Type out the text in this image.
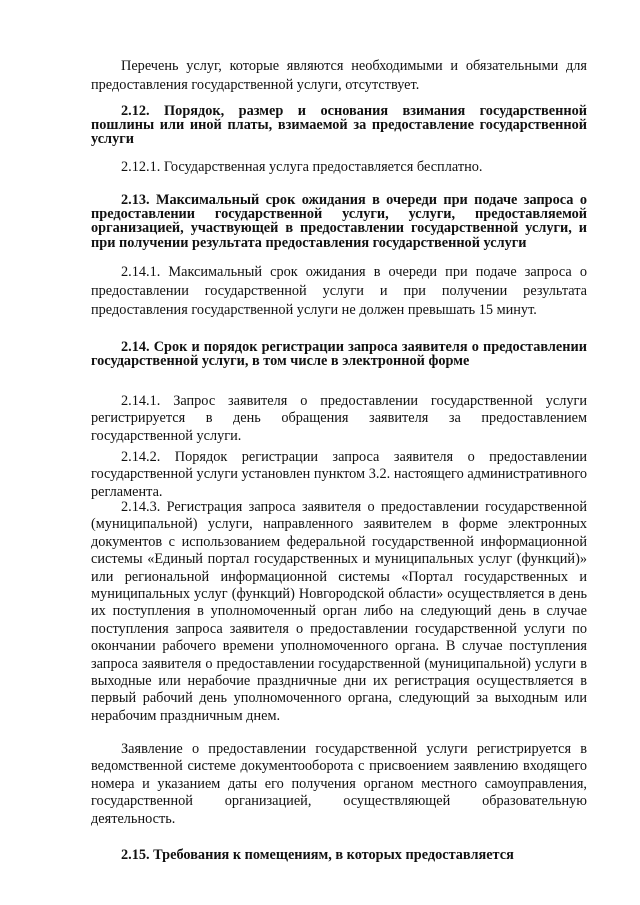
Перечень услуг, которые являются необходимыми и обязательными для предоставления государственной услуги, отсутствует.

2.12. Порядок, размер и основания взимания государственной пошлины или иной платы, взимаемой за предоставление государственной услуги

2.12.1. Государственная услуга предоставляется бесплатно.

2.13. Максимальный срок ожидания в очереди при подаче запроса о предоставлении государственной услуги, услуги, предоставляемой организацией, участвующей в предоставлении государственной услуги, и при получении результата предоставления государственной услуги

2.14.1. Максимальный срок ожидания в очереди при подаче запроса о предоставлении государственной услуги и при получении результата предоставления государственной услуги не должен превышать 15 минут.

2.14. Срок и порядок регистрации запроса заявителя о предоставлении государственной услуги, в том числе в электронной форме

2.14.1. Запрос заявителя о предоставлении государственной услуги регистрируется в день обращения заявителя за предоставлением государственной услуги.

2.14.2. Порядок регистрации запроса заявителя о предоставлении государственной услуги установлен пунктом 3.2. настоящего административного регламента.

2.14.3. Регистрация запроса заявителя о предоставлении государственной (муниципальной) услуги, направленного заявителем в форме электронных документов с использованием федеральной государственной информационной системы «Единый портал государственных и муниципальных услуг (функций)» или региональной информационной системы «Портал государственных и муниципальных услуг (функций) Новгородской области» осуществляется в день их поступления в уполномоченный орган либо на следующий день в случае поступления запроса заявителя о предоставлении государственной услуги по окончании рабочего времени уполномоченного органа. В случае поступления запроса заявителя о предоставлении государственной (муниципальной) услуги в выходные или нерабочие праздничные дни их регистрация осуществляется в первый рабочий день уполномоченного органа, следующий за выходным или нерабочим праздничным днем.

Заявление о предоставлении государственной услуги регистрируется в ведомственной системе документооборота с присвоением заявлению входящего номера и указанием даты его получения органом местного самоуправления, государственной организацией, осуществляющей образовательную деятельность.

2.15. Требования к помещениям, в которых предоставляется
